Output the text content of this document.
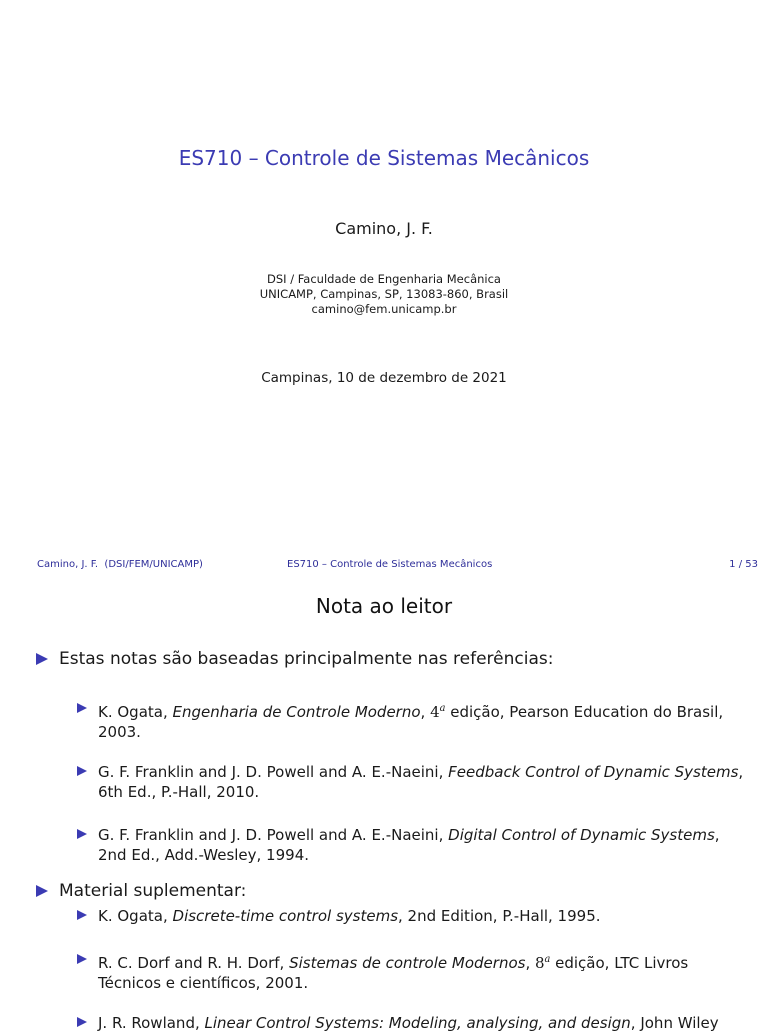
ES710 – Controle de Sistemas Mecânicos
Camino, J. F.
DSI / Faculdade de Engenharia Mecânica
UNICAMP, Campinas, SP, 13083-860, Brasil
camino@fem.unicamp.br
Campinas, 10 de dezembro de 2021
Camino, J. F.  (DSI/FEM/UNICAMP)	ES710 – Controle de Sistemas Mecânicos	1 / 53
Nota ao leitor
Estas notas são baseadas principalmente nas referências:
K. Ogata, Engenharia de Controle Moderno, 4$^a$ edição, Pearson Education do Brasil, 2003.
G. F. Franklin and J. D. Powell and A. E.-Naeini, Feedback Control of Dynamic Systems, 6th Ed., P.-Hall, 2010.
G. F. Franklin and J. D. Powell and A. E.-Naeini, Digital Control of Dynamic Systems, 2nd Ed., Add.-Wesley, 1994.
Material suplementar:
K. Ogata, Discrete-time control systems, 2nd Edition, P.-Hall, 1995.
R. C. Dorf and R. H. Dorf, Sistemas de controle Modernos, 8$^a$ edição, LTC Livros Técnicos e científicos, 2001.
J. R. Rowland, Linear Control Systems: Modeling, analysing, and design, John Wiley
